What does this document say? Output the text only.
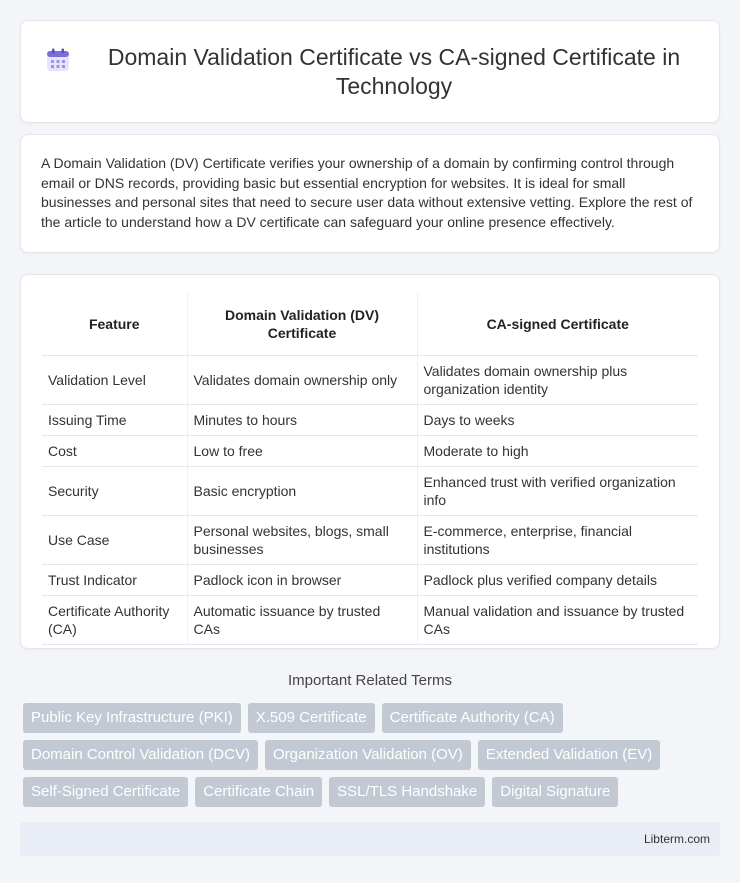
Domain Validation Certificate vs CA-signed Certificate in Technology

A Domain Validation (DV) Certificate verifies your ownership of a domain by confirming control through email or DNS records, providing basic but essential encryption for websites. It is ideal for small businesses and personal sites that need to secure user data without extensive vetting. Explore the rest of the article to understand how a DV certificate can safeguard your online presence effectively.

Feature	Domain Validation (DV) Certificate	CA-signed Certificate
Validation Level	Validates domain ownership only	Validates domain ownership plus organization identity
Issuing Time	Minutes to hours	Days to weeks
Cost	Low to free	Moderate to high
Security	Basic encryption	Enhanced trust with verified organization info
Use Case	Personal websites, blogs, small businesses	E-commerce, enterprise, financial institutions
Trust Indicator	Padlock icon in browser	Padlock plus verified company details
Certificate Authority (CA)	Automatic issuance by trusted CAs	Manual validation and issuance by trusted CAs
Important Related Terms
Public Key Infrastructure (PKI)	X.509 Certificate	Certificate Authority (CA)
Domain Control Validation (DCV)	Organization Validation (OV)	Extended Validation (EV)
Self-Signed Certificate	Certificate Chain	SSL/TLS Handshake	Digital Signature
Libterm.com
